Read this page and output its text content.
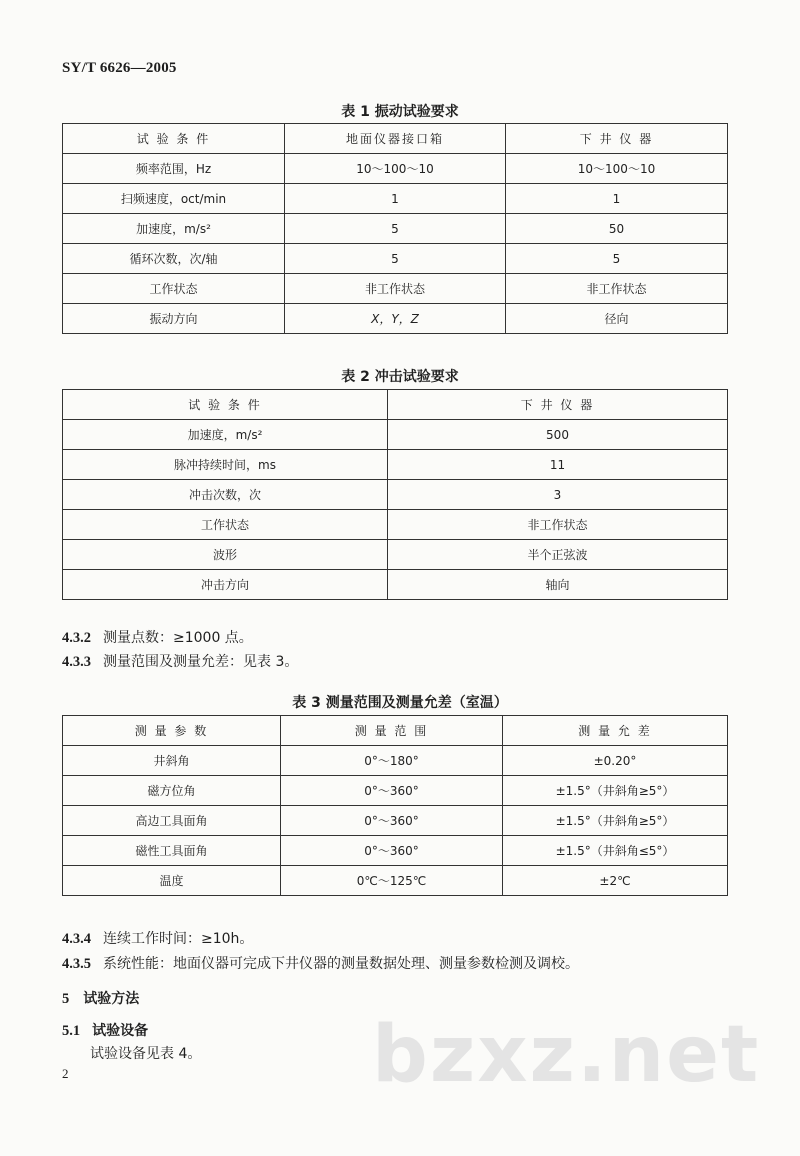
SY/T 6626—2005
表 1 振动试验要求
试 验 条 件	地面仪器接口箱	下 井 仪 器
频率范围，Hz	10～100～10	10～100～10
扫频速度，oct/min	1	1
加速度，m/s²	5	50
循环次数，次/轴	5	5
工作状态	非工作状态	非工作状态
振动方向	X，Y，Z	径向
表 2 冲击试验要求
试 验 条 件	下 井 仪 器
加速度，m/s²	500
脉冲持续时间，ms	11
冲击次数，次	3
工作状态	非工作状态
波形	半个正弦波
冲击方向	轴向
4.3.2 测量点数：≥1000 点。
4.3.3 测量范围及测量允差：见表 3。
表 3 测量范围及测量允差（室温）
测 量 参 数	测 量 范 围	测 量 允 差
井斜角	0°～180°	±0.20°
磁方位角	0°～360°	±1.5°（井斜角≥5°）
高边工具面角	0°～360°	±1.5°（井斜角≥5°）
磁性工具面角	0°～360°	±1.5°（井斜角≤5°）
温度	0℃～125℃	±2℃
4.3.4 连续工作时间：≥10h。
4.3.5 系统性能：地面仪器可完成下井仪器的测量数据处理、测量参数检测及调校。
5 试验方法
5.1 试验设备
试验设备见表 4。 bzxz.net
2
